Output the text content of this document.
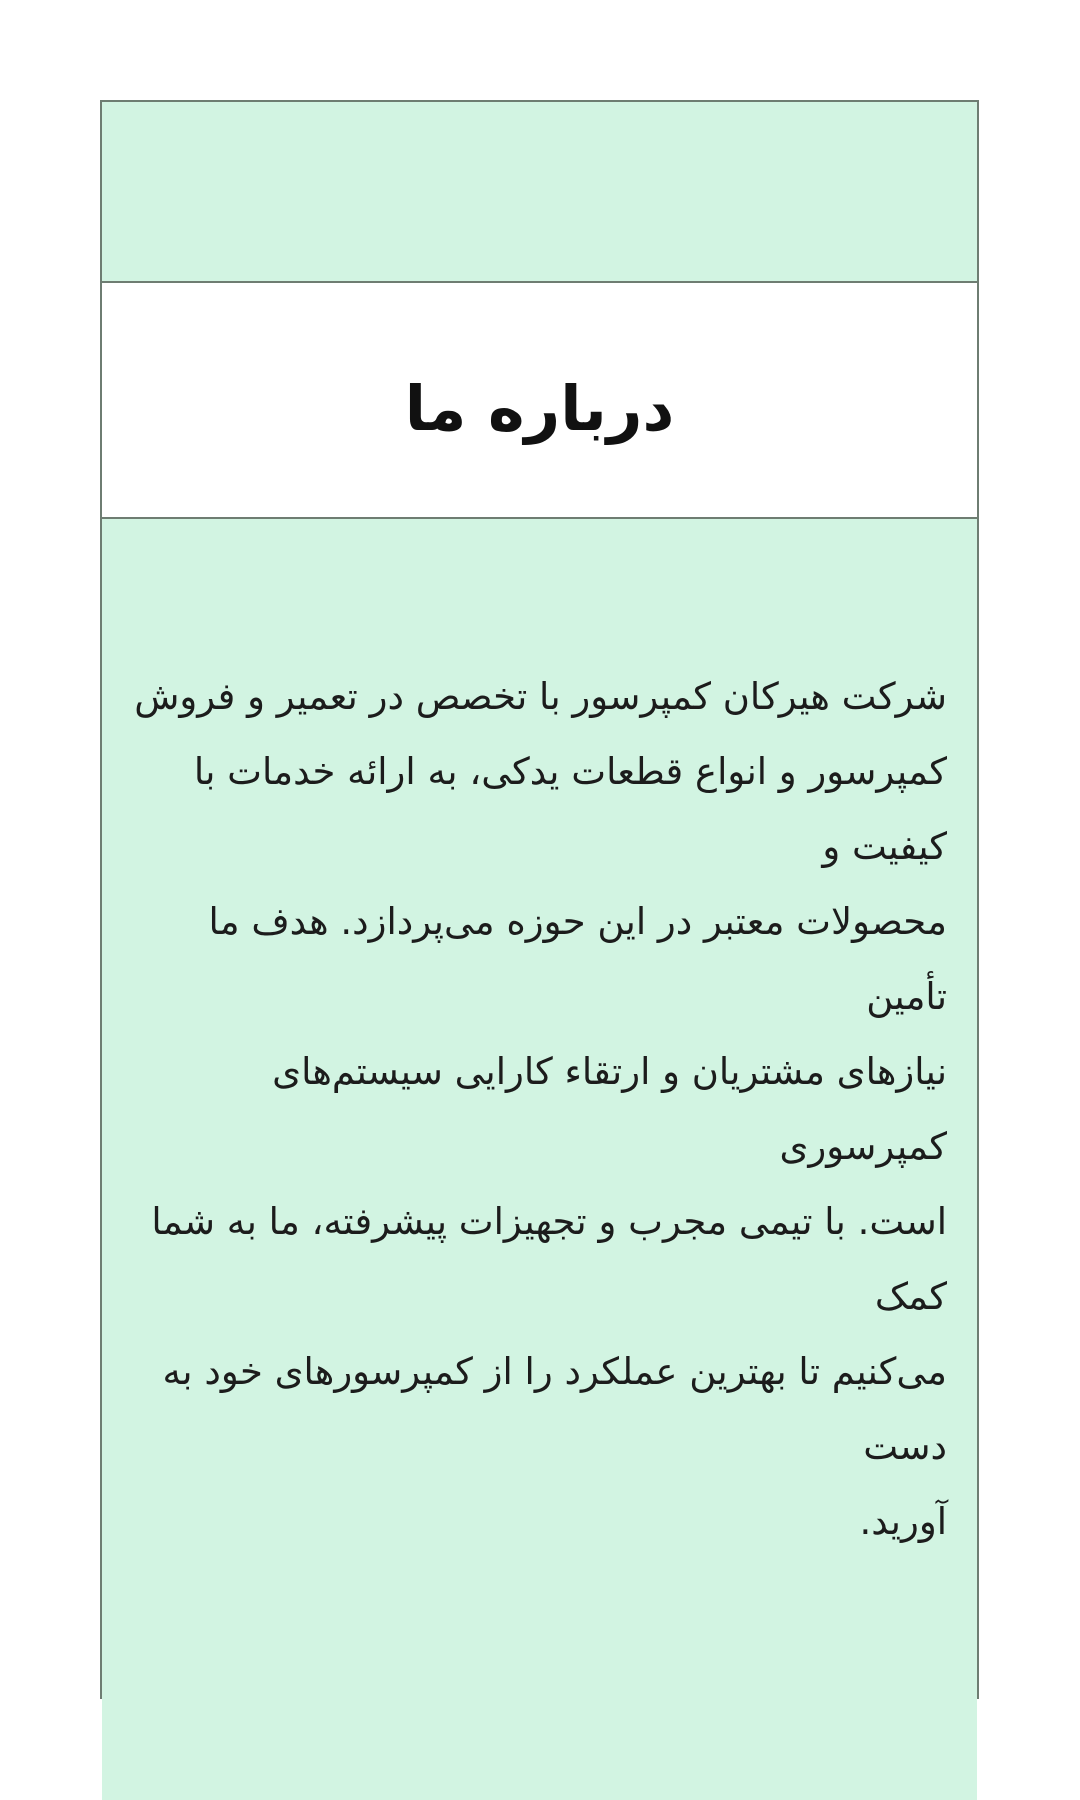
درباره ما
شرکت هیرکان کمپرسور با تخصص در تعمیر و فروش
کمپرسور و انواع قطعات یدکی، به ارائه خدمات با کیفیت و
محصولات معتبر در این حوزه می‌پردازد. هدف ما تأمین
نیازهای مشتریان و ارتقاء کارایی سیستم‌های کمپرسوری
است. با تیمی مجرب و تجهیزات پیشرفته، ما به شما کمک
می‌کنیم تا بهترین عملکرد را از کمپرسورهای خود به دست
آورید.
